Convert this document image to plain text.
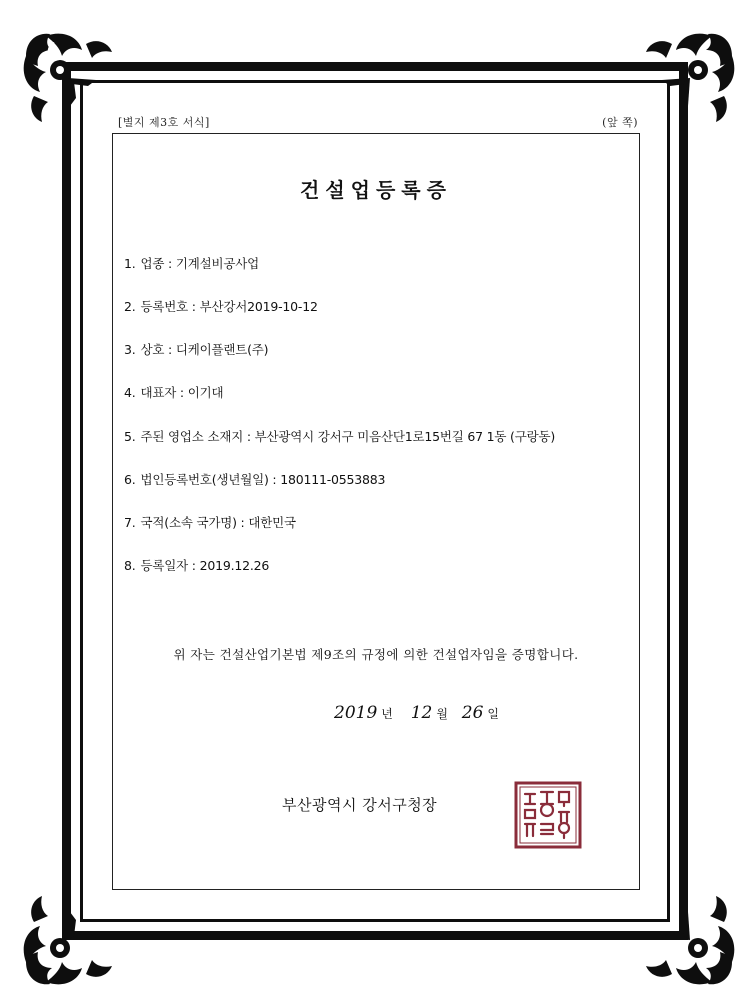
[별지 제3호 서식]	(앞 쪽)
건설업등록증
1. 업종 : 기계설비공사업
2. 등록번호 : 부산강서2019-10-12
3. 상호 : 디케이플랜트(주)
4. 대표자 : 이기대
5. 주된 영업소 소재지 : 부산광역시 강서구 미음산단1로15번길 67 1동 (구랑동)
6. 법인등록번호(생년월일) : 180111-0553883
7. 국적(소속 국가명) : 대한민국
8. 등록일자 : 2019.12.26
위 자는 건설산업기본법 제9조의 규정에 의한 건설업자임을 증명합니다.
2019 년 12 월 26 일
부산광역시 강서구청장
